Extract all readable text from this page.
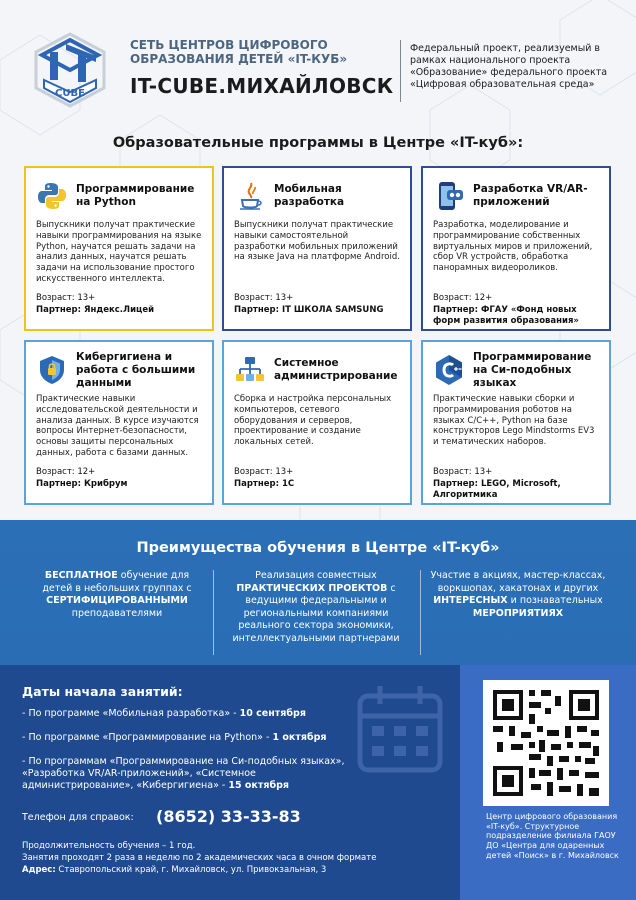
CUBE
СЕТЬ ЦЕНТРОВ ЦИФРОВОГО ОБРАЗОВАНИЯ ДЕТЕЙ «IT-КУБ»
IT-CUBE.МИХАЙЛОВСК
Федеральный проект, реализуемый в рамках национального проекта «Образование» федерального проекта «Цифровая образовательная среда»
Образовательные программы в Центре «IT-куб»:
Программирование на Python
Выпускники получат практические навыки программирования на языке Python, научатся решать задачи на анализ данных, научатся решать задачи на использование простого искусственного интеллекта.
Возраст: 13+
Партнер: Яндекс.Лицей
Мобильная разработка
Выпускники получат практические навыки самостоятельной разработки мобильных приложений на языке Java на платформе Android.
Возраст: 13+
Партнер: IT ШКОЛА SAMSUNG
Разработка VR/AR-приложений
Разработка, моделирование и программирование собственных виртуальных миров и приложений, сбор VR устройств, обработка панорамных видеороликов.
Возраст: 12+
Партнер: ФГАУ «Фонд новых форм развития образования»
Кибергигиена и работа с большими данными
Практические навыки исследовательской деятельности и анализа данных. В курсе изучаются вопросы Интернет-безопасности, основы защиты персональных данных, работа с базами данных.
Возраст: 12+
Партнер: Крибрум
Системное администрирование
Сборка и настройка персональных компьютеров, сетевого оборудования и серверов, проектирование и создание локальных сетей.
Возраст: 13+
Партнер: 1С
Программирование на Си-подобных языках
Практические навыки сборки и программирования роботов на языках C/C++, Python на базе конструкторов Lego Mindstorms EV3 и тематических наборов.
Возраст: 13+
Партнер: LEGO, Microsoft, Алгоритмика
Преимущества обучения в Центре «IT-куб»
БЕСПЛАТНОЕ обучение для детей в небольших группах с СЕРТИФИЦИРОВАННЫМИ преподавателями
Реализация совместных ПРАКТИЧЕСКИХ ПРОЕКТОВ с ведущими федеральными и региональными компаниями реального сектора экономики, интеллектуальными партнерами
Участие в акциях, мастер-классах, воркшопах, хакатонах и других ИНТЕРЕСНЫХ и познавательных МЕРОПРИЯТИЯХ
Даты начала занятий:
- По программе «Мобильная разработка» - 10 сентября
- По программе «Программирование на Python» - 1 октября
- По программам «Программирование на Си-подобных языках», «Разработка VR/AR-приложений», «Системное администрирование», «Кибергигиена» - 15 октября
Телефон для справок: (8652) 33-33-83
Продолжительность обучения – 1 год.
Занятия проходят 2 раза в неделю по 2 академических часа в очном формате
Адрес: Ставропольский край, г. Михайловск, ул. Привокзальная, 3
Центр цифрового образования «IT-куб». Структурное подразделение филиала ГАОУ ДО «Центра для одаренных детей «Поиск» в г. Михайловск
